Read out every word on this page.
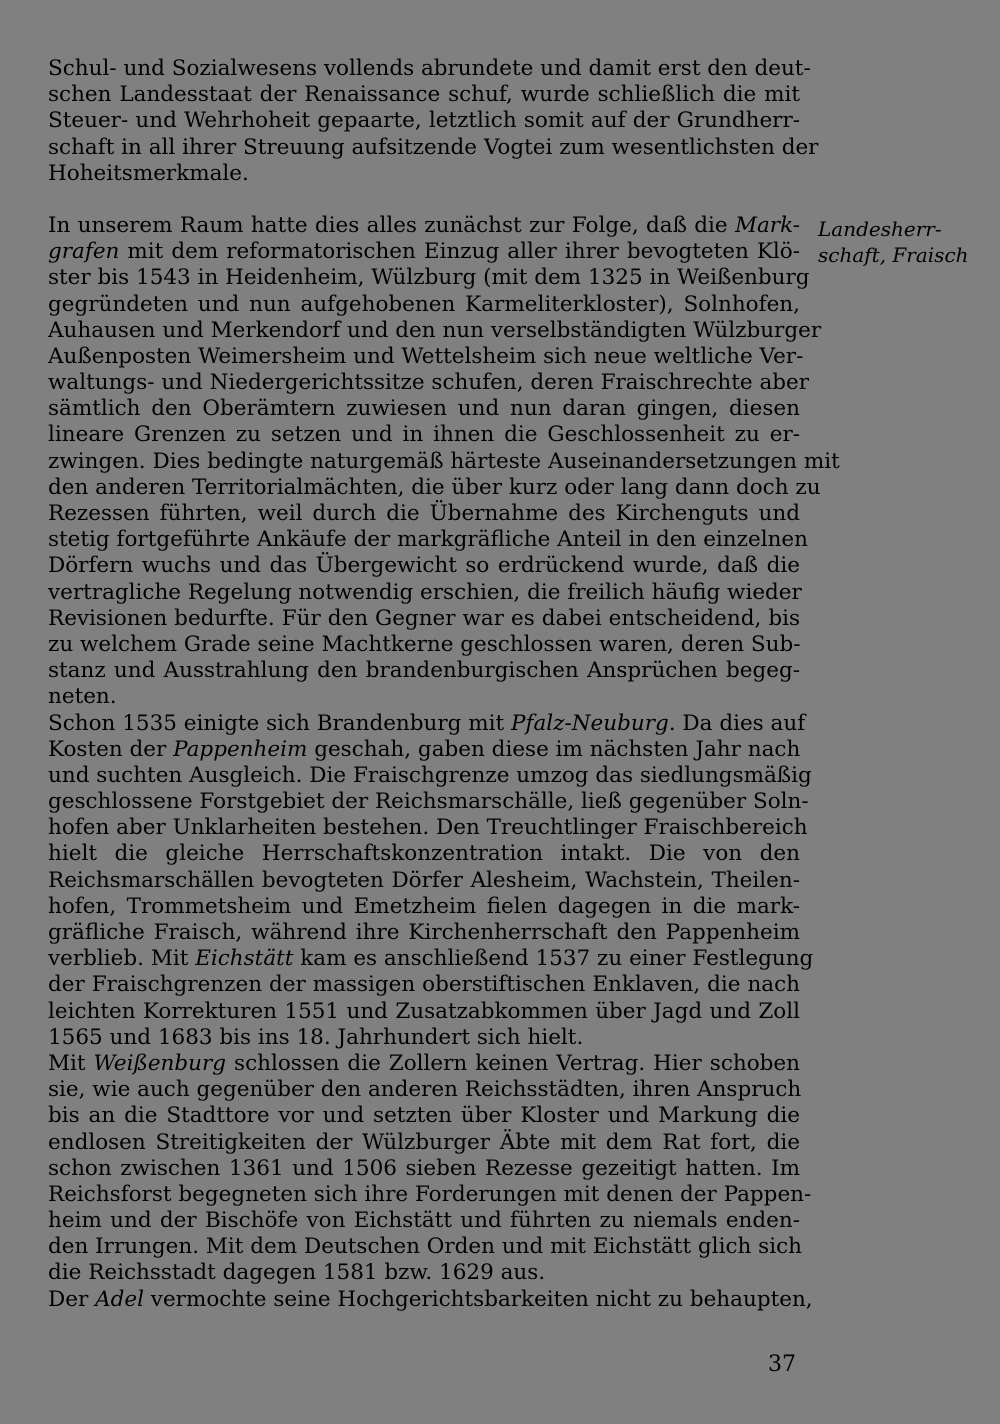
Schul- und Sozialwesens vollends abrundete und damit erst den deut-
schen Landesstaat der Renaissance schuf, wurde schließlich die mit
Steuer- und Wehrhoheit gepaarte, letztlich somit auf der Grundherr-
schaft in all ihrer Streuung aufsitzende Vogtei zum wesentlichsten der
Hoheitsmerkmale.
In unserem Raum hatte dies alles zunächst zur Folge, daß die Mark-
grafen mit dem reformatorischen Einzug aller ihrer bevogteten Klö-
ster bis 1543 in Heidenheim, Wülzburg (mit dem 1325 in Weißenburg
gegründeten und nun aufgehobenen Karmeliterkloster), Solnhofen,
Auhausen und Merkendorf und den nun verselbständigten Wülzburger
Außenposten Weimersheim und Wettelsheim sich neue weltliche Ver-
waltungs- und Niedergerichtssitze schufen, deren Fraischrechte aber
sämtlich den Oberämtern zuwiesen und nun daran gingen, diesen
lineare Grenzen zu setzen und in ihnen die Geschlossenheit zu er-
zwingen. Dies bedingte naturgemäß härteste Auseinandersetzungen mit
den anderen Territorialmächten, die über kurz oder lang dann doch zu
Rezessen führten, weil durch die Übernahme des Kirchenguts und
stetig fortgeführte Ankäufe der markgräfliche Anteil in den einzelnen
Dörfern wuchs und das Übergewicht so erdrückend wurde, daß die
vertragliche Regelung notwendig erschien, die freilich häufig wieder
Revisionen bedurfte. Für den Gegner war es dabei entscheidend, bis
zu welchem Grade seine Machtkerne geschlossen waren, deren Sub-
stanz und Ausstrahlung den brandenburgischen Ansprüchen begeg-
neten.
Schon 1535 einigte sich Brandenburg mit Pfalz-Neuburg. Da dies auf
Kosten der Pappenheim geschah, gaben diese im nächsten Jahr nach
und suchten Ausgleich. Die Fraischgrenze umzog das siedlungsmäßig
geschlossene Forstgebiet der Reichsmarschälle, ließ gegenüber Soln-
hofen aber Unklarheiten bestehen. Den Treuchtlinger Fraischbereich
hielt die gleiche Herrschaftskonzentration intakt. Die von den
Reichsmarschällen bevogteten Dörfer Alesheim, Wachstein, Theilen-
hofen, Trommetsheim und Emetzheim fielen dagegen in die mark-
gräfliche Fraisch, während ihre Kirchenherrschaft den Pappenheim
verblieb. Mit Eichstätt kam es anschließend 1537 zu einer Festlegung
der Fraischgrenzen der massigen oberstiftischen Enklaven, die nach
leichten Korrekturen 1551 und Zusatzabkommen über Jagd und Zoll
1565 und 1683 bis ins 18. Jahrhundert sich hielt.
Mit Weißenburg schlossen die Zollern keinen Vertrag. Hier schoben
sie, wie auch gegenüber den anderen Reichsstädten, ihren Anspruch
bis an die Stadttore vor und setzten über Kloster und Markung die
endlosen Streitigkeiten der Wülzburger Äbte mit dem Rat fort, die
schon zwischen 1361 und 1506 sieben Rezesse gezeitigt hatten. Im
Reichsforst begegneten sich ihre Forderungen mit denen der Pappen-
heim und der Bischöfe von Eichstätt und führten zu niemals enden-
den Irrungen. Mit dem Deutschen Orden und mit Eichstätt glich sich
die Reichsstadt dagegen 1581 bzw. 1629 aus.
Der Adel vermochte seine Hochgerichtsbarkeiten nicht zu behaupten,
Landesherr-
schaft, Fraisch
37
